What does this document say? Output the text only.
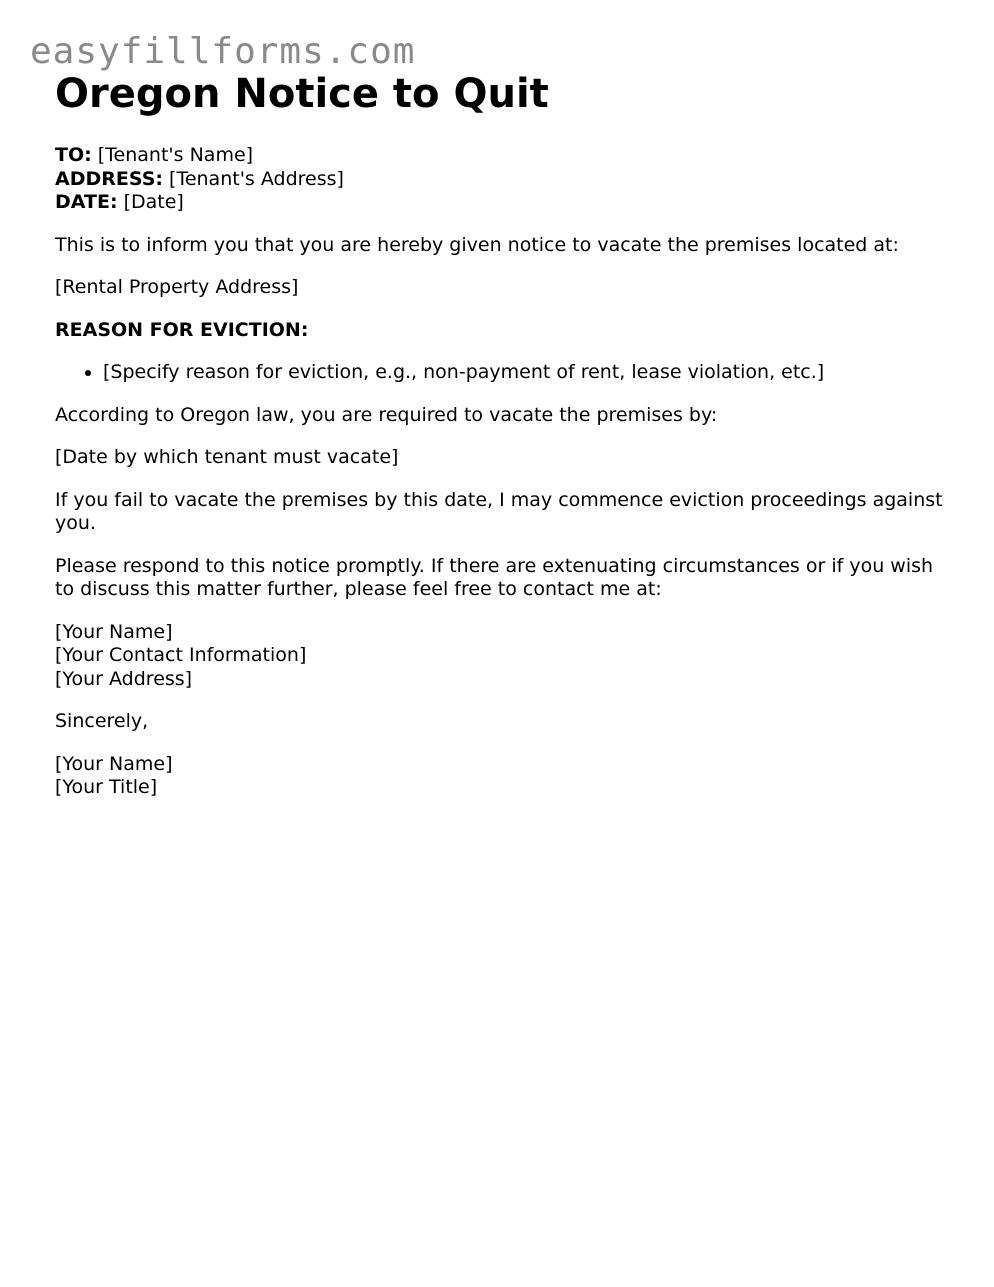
easyfillforms.com
Oregon Notice to Quit
TO: [Tenant's Name]
ADDRESS: [Tenant's Address]
DATE: [Date]

This is to inform you that you are hereby given notice to vacate the premises located at:

[Rental Property Address]

REASON FOR EVICTION:

• [Specify reason for eviction, e.g., non-payment of rent, lease violation, etc.]

According to Oregon law, you are required to vacate the premises by:

[Date by which tenant must vacate]

If you fail to vacate the premises by this date, I may commence eviction proceedings against you.

Please respond to this notice promptly. If there are extenuating circumstances or if you wish to discuss this matter further, please feel free to contact me at:

[Your Name]
[Your Contact Information]
[Your Address]

Sincerely,

[Your Name]
[Your Title]
